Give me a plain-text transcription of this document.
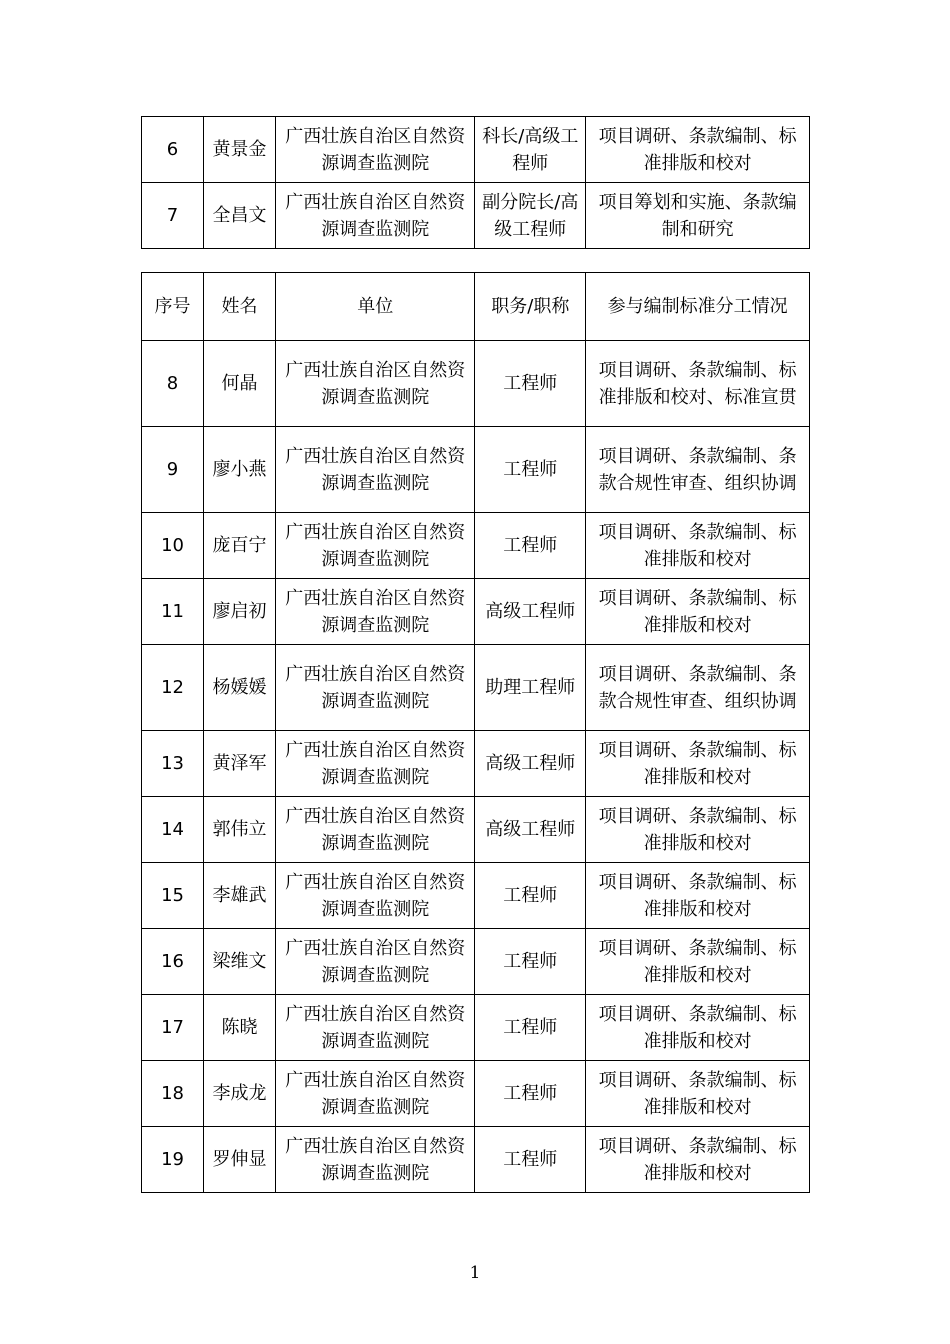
6	黄景金	广西壮族自治区自然资源调查监测院	科长/高级工程师	项目调研、条款编制、标准排版和校对
7	全昌文	广西壮族自治区自然资源调查监测院	副分院长/高级工程师	项目筹划和实施、条款编制和研究
序号	姓名	单位	职务/职称	参与编制标准分工情况
8	何晶	广西壮族自治区自然资源调查监测院	工程师	项目调研、条款编制、标准排版和校对、标准宣贯
9	廖小燕	广西壮族自治区自然资源调查监测院	工程师	项目调研、条款编制、条款合规性审查、组织协调
10	庞百宁	广西壮族自治区自然资源调查监测院	工程师	项目调研、条款编制、标准排版和校对
11	廖启初	广西壮族自治区自然资源调查监测院	高级工程师	项目调研、条款编制、标准排版和校对
12	杨媛媛	广西壮族自治区自然资源调查监测院	助理工程师	项目调研、条款编制、条款合规性审查、组织协调
13	黄泽军	广西壮族自治区自然资源调查监测院	高级工程师	项目调研、条款编制、标准排版和校对
14	郭伟立	广西壮族自治区自然资源调查监测院	高级工程师	项目调研、条款编制、标准排版和校对
15	李雄武	广西壮族自治区自然资源调查监测院	工程师	项目调研、条款编制、标准排版和校对
16	梁维文	广西壮族自治区自然资源调查监测院	工程师	项目调研、条款编制、标准排版和校对
17	陈晓	广西壮族自治区自然资源调查监测院	工程师	项目调研、条款编制、标准排版和校对
18	李成龙	广西壮族自治区自然资源调查监测院	工程师	项目调研、条款编制、标准排版和校对
19	罗伸显	广西壮族自治区自然资源调查监测院	工程师	项目调研、条款编制、标准排版和校对
1
